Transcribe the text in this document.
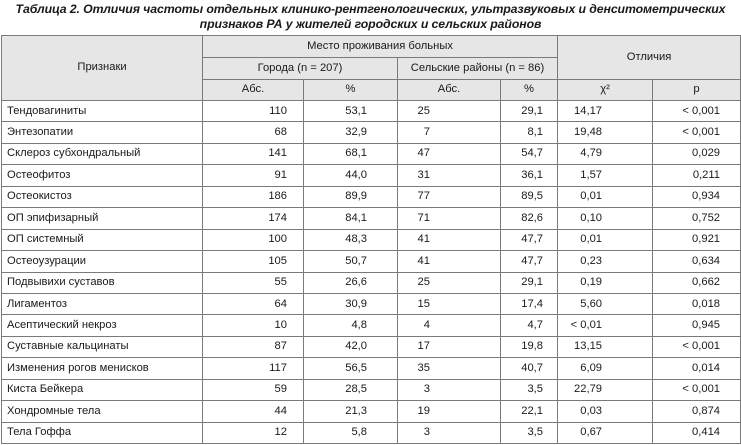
Таблица 2. Отличия частоты отдельных клинико-рентгенологических, ультразвуковых и денситометрических
признаков РА у жителей городских и сельских районов
Признаки	Место проживания больных				Отличия	
	Города (n = 207)		Сельские районы (n = 86)			
	Абс.	%	Абс.	%	χ²	р
Тендовагиниты	110	53,1	25	29,1	14,17	< 0,001
Энтезопатии	68	32,9	7	8,1	19,48	< 0,001
Склероз субхондральный	141	68,1	47	54,7	4,79	0,029
Остеофитоз	91	44,0	31	36,1	1,57	0,211
Остеокистоз	186	89,9	77	89,5	0,01	0,934
ОП эпифизарный	174	84,1	71	82,6	0,10	0,752
ОП системный	100	48,3	41	47,7	0,01	0,921
Остеоузурации	105	50,7	41	47,7	0,23	0,634
Подвывихи суставов	55	26,6	25	29,1	0,19	0,662
Лигаментоз	64	30,9	15	17,4	5,60	0,018
Асептический некроз	10	4,8	4	4,7	< 0,01	0,945
Суставные кальцинаты	87	42,0	17	19,8	13,15	< 0,001
Изменения рогов менисков	117	56,5	35	40,7	6,09	0,014
Киста Бейкера	59	28,5	3	3,5	22,79	< 0,001
Хондромные тела	44	21,3	19	22,1	0,03	0,874
Тела Гоффа	12	5,8	3	3,5	0,67	0,414
